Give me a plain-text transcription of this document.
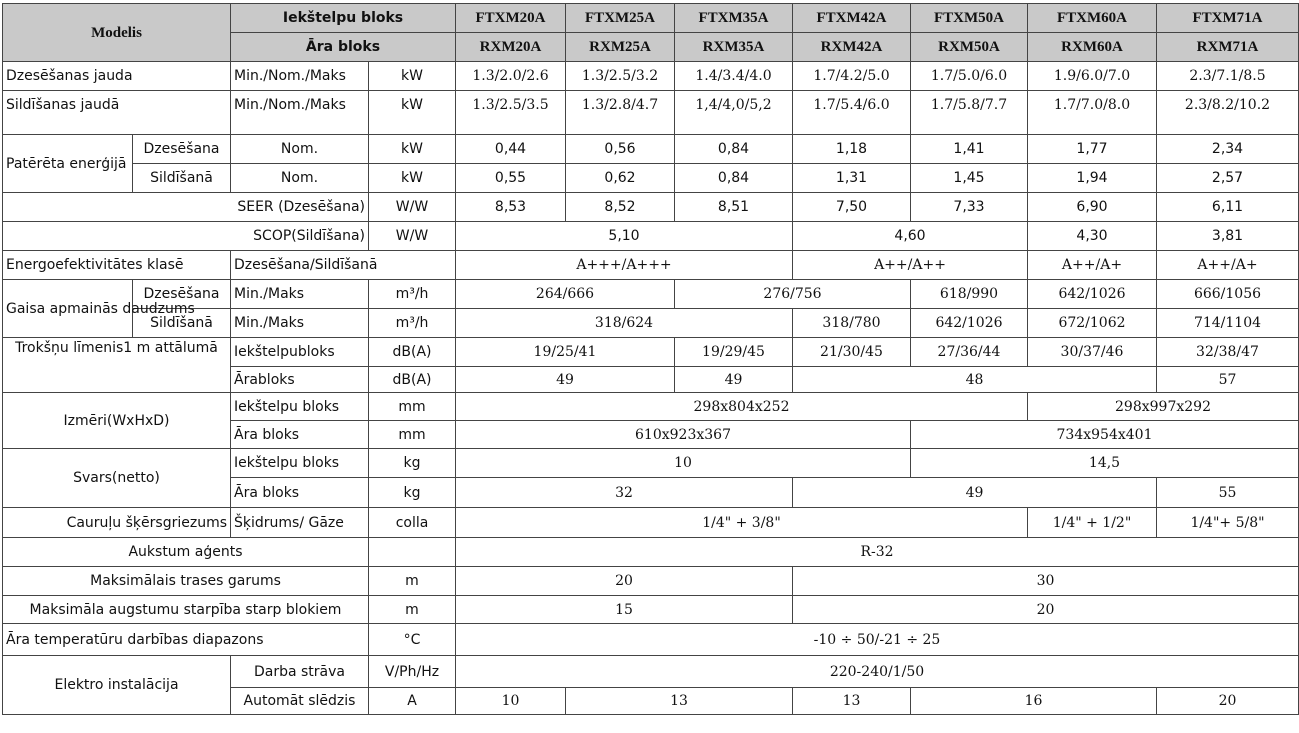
Modelis		Iekštelpu bloks		FTXM20A	FTXM25A	FTXM35A	FTXM42A	FTXM50A	FTXM60A	FTXM71A
		Āra bloks		RXM20A	RXM25A	RXM35A	RXM42A	RXM50A	RXM60A	RXM71A
Dzesēšanas jauda		Min./Nom./Maks	kW	1.3/2.0/2.6	1.3/2.5/3.2	1.4/3.4/4.0	1.7/4.2/5.0	1.7/5.0/6.0	1.9/6.0/7.0	2.3/7.1/8.5
Sildīšanas jaudā		Min./Nom./Maks	kW	1.3/2.5/3.5	1.3/2.8/4.7	1,4/4,0/5,2	1.7/5.4/6.0	1.7/5.8/7.7	1.7/7.0/8.0	2.3/8.2/10.2
Patērēta enerģijā	Dzesēšana	Nom.	kW	0,44	0,56	0,84	1,18	1,41	1,77	2,34
	Sildīšanā	Nom.	kW	0,55	0,62	0,84	1,31	1,45	1,94	2,57
SEER (Dzesēšana)			W/W	8,53	8,52	8,51	7,50	7,33	6,90	6,11
SCOP(Sildīšana)			W/W	5,10			4,60		4,30	3,81
Energoefektivitātes klasē		Dzesēšana/Sildīšanā		A+++/A+++			A++/A++		A++/A+	A++/A+
Gaisa apmainās daudzums	Dzesēšana	Min./Maks	m³/h	264/666		276/756		618/990	642/1026	666/1056
	Sildīšanā	Min./Maks	m³/h	318/624			318/780	642/1026	672/1062	714/1104
Trokšņu līmenis1 m attālumā		Iekštelpubloks	dB(A)	19/25/41		19/29/45	21/30/45	27/36/44	30/37/46	32/38/47
		Ārabloks	dB(A)	49		49	48			57
Izmēri(WxHxD)		Iekštelpu bloks	mm	298x804x252					298x997x292	
		Āra bloks	mm	610x923x367				734x954x401		
Svars(netto)		Iekštelpu bloks	kg	10				14,5		
		Āra bloks	kg	32			49			55
Cauruļu šķērsgriezums		Šķidrums/ Gāze	colla	1/4" + 3/8"					1/4" + 1/2"	1/4"+ 5/8"
Aukstum aģents				R-32						
Maksimālais trases garums			m	20			30			
Maksimāla augstumu starpība starp blokiem			m	15			20			
Āra temperatūru darbības diapazons			°C	-10 ÷ 50/-21 ÷ 25						
Elektro instalācija		Darba strāva	V/Ph/Hz	220-240/1/50						
		Automāt slēdzis	A	10	13		13	16		20
